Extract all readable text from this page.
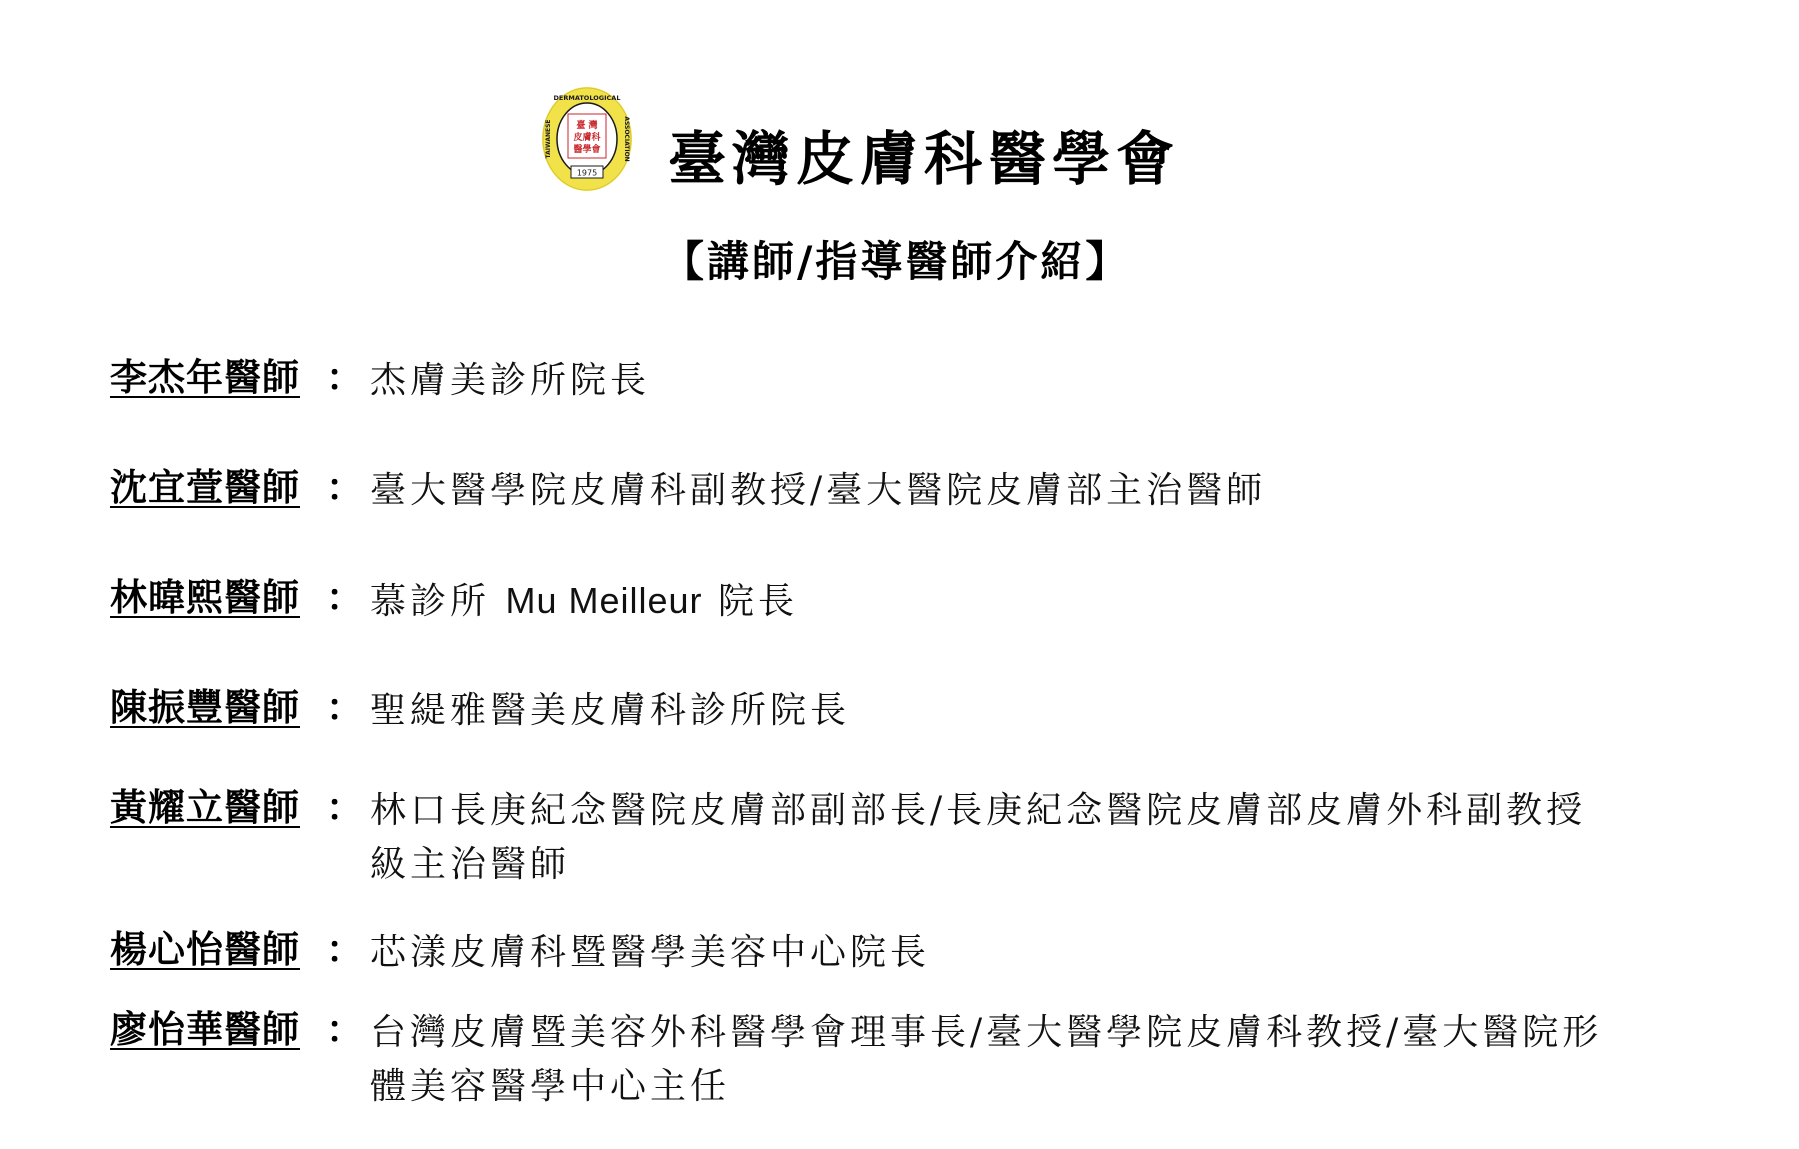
DERMATOLOGICAL
TAIWANESE	ASSOCIATION
臺 灣
皮膚科
醫學會
1975 臺灣皮膚科醫學會
【講師/指導醫師介紹】
李杰年醫師 ： 杰膚美診所院長
沈宜萱醫師 ： 臺大醫學院皮膚科副教授/臺大醫院皮膚部主治醫師
林暐熙醫師 ： 慕診所 Mu Meilleur 院長
陳振豐醫師 ： 聖緹雅醫美皮膚科診所院長
黃耀立醫師 ： 林口長庚紀念醫院皮膚部副部長/長庚紀念醫院皮膚部皮膚外科副教授
級主治醫師
楊心怡醫師 ： 芯漾皮膚科暨醫學美容中心院長
廖怡華醫師 ： 台灣皮膚暨美容外科醫學會理事長/臺大醫學院皮膚科教授/臺大醫院形
體美容醫學中心主任
